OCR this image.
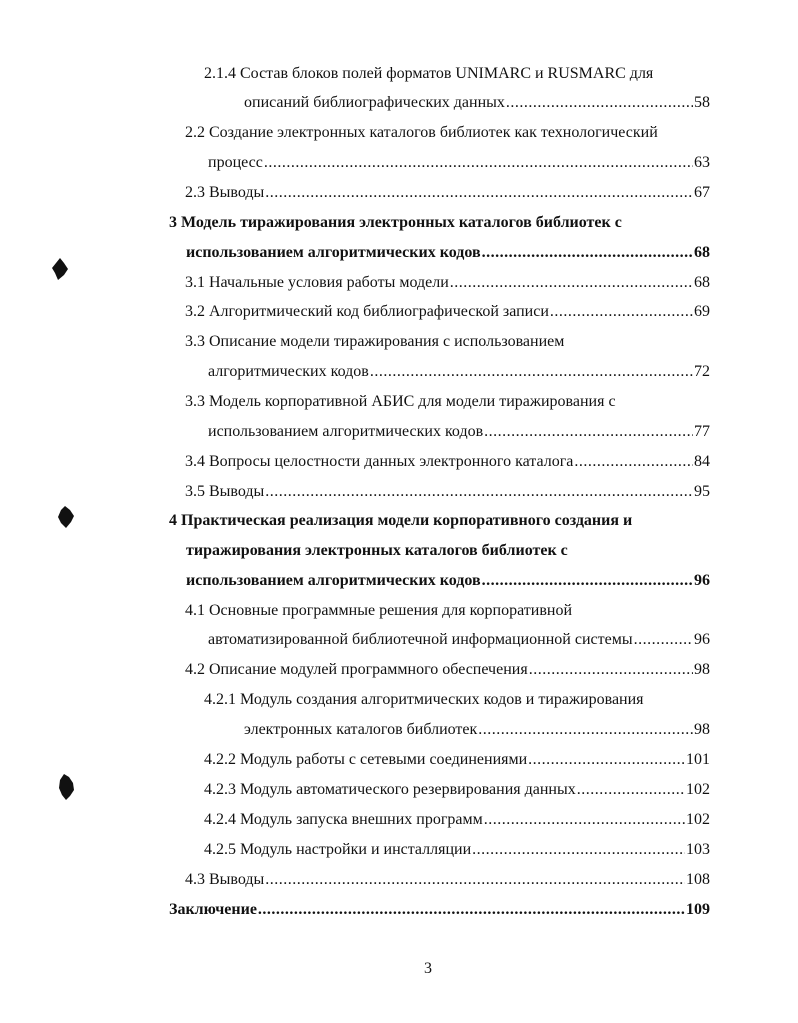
2.1.4 Состав блоков полей форматов UNIMARC и RUSMARC для
описаний библиографических данных .....	58
2.2 Создание электронных каталогов библиотек как технологический
процесс .....	63
2.3 Выводы .....	67
3 Модель тиражирования электронных каталогов библиотек с
использованием алгоритмических кодов .....	68
3.1 Начальные условия работы модели .....	68
3.2 Алгоритмический код библиографической записи .....	69
3.3 Описание модели тиражирования с использованием
алгоритмических кодов .....	72
3.3 Модель корпоративной АБИС для модели тиражирования с
использованием алгоритмических кодов .....	77
3.4 Вопросы целостности данных электронного каталога .....	84
3.5 Выводы .....	95
4 Практическая реализация модели корпоративного создания и
тиражирования электронных каталогов библиотек с
использованием алгоритмических кодов .....	96
4.1 Основные программные решения для корпоративной
автоматизированной библиотечной информационной системы .....	96
4.2 Описание модулей программного обеспечения .....	98
4.2.1 Модуль создания алгоритмических кодов и тиражирования
электронных каталогов библиотек .....	98
4.2.2 Модуль работы с сетевыми соединениями .....	101
4.2.3 Модуль автоматического резервирования данных .....	102
4.2.4 Модуль запуска внешних программ .....	102
4.2.5 Модуль настройки и инсталляции .....	103
4.3 Выводы .....	108
Заключение .....	109
3
